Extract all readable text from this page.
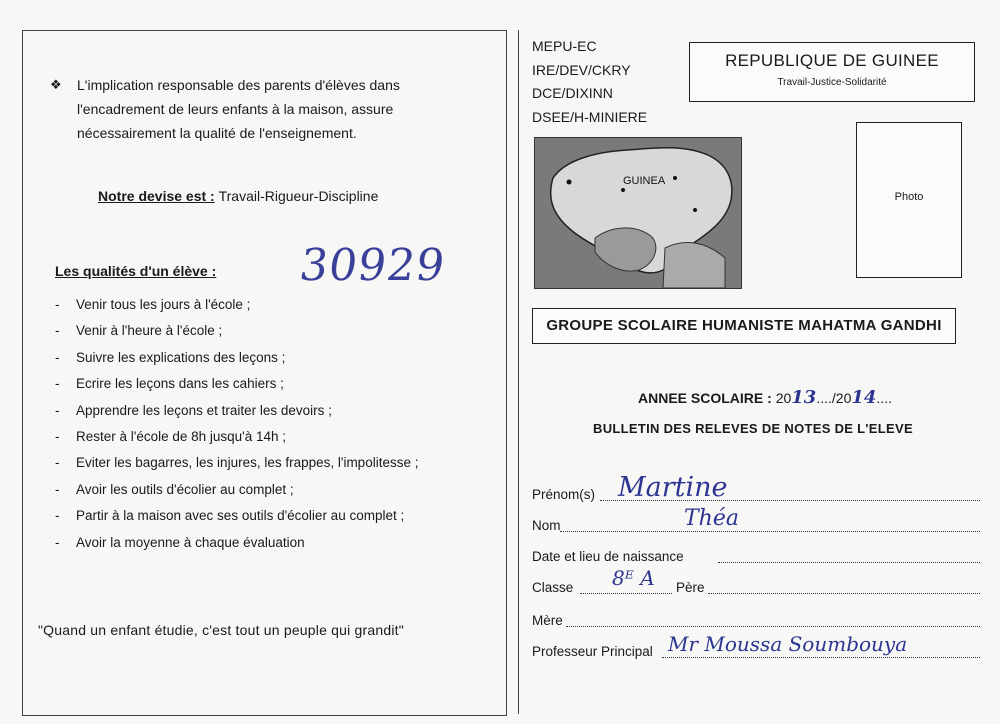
❖	L'implication responsable des parents d'élèves dans
l'encadrement de leurs enfants à la maison, assure
nécessairement la qualité de l'enseignement.
Notre devise est : Travail-Rigueur-Discipline
Les qualités d'un élève : 30929
- Venir tous les jours à l'école ;
- Venir à l'heure à l'école ;
- Suivre les explications des leçons ;
- Ecrire les leçons dans les cahiers ;
- Apprendre les leçons et traiter les devoirs ;
- Rester à l'école de 8h jusqu'à 14h ;
- Eviter les bagarres, les injures, les frappes, l'impolitesse ;
- Avoir les outils d'écolier au complet ;
- Partir à la maison avec ses outils d'écolier au complet ;
- Avoir la moyenne à chaque évaluation
"Quand un enfant étudie, c'est tout un peuple qui grandit"
MEPU-EC
IRE/DEV/CKRY
DCE/DIXINN
DSEE/H-MINIERE
REPUBLIQUE DE GUINEE
Travail-Justice-Solidarité
GUINEA
Photo
GROUPE SCOLAIRE HUMANISTE MAHATMA GANDHI
ANNEE SCOLAIRE : 2013..../2014....
BULLETIN DES RELEVES DE NOTES DE L'ELEVE
Prénom(s) Martine
Nom	Théa
Date et lieu de naissance
Classe 8ᴱ A Père
Mère
Professeur Principal Mr Moussa Soumbouya
